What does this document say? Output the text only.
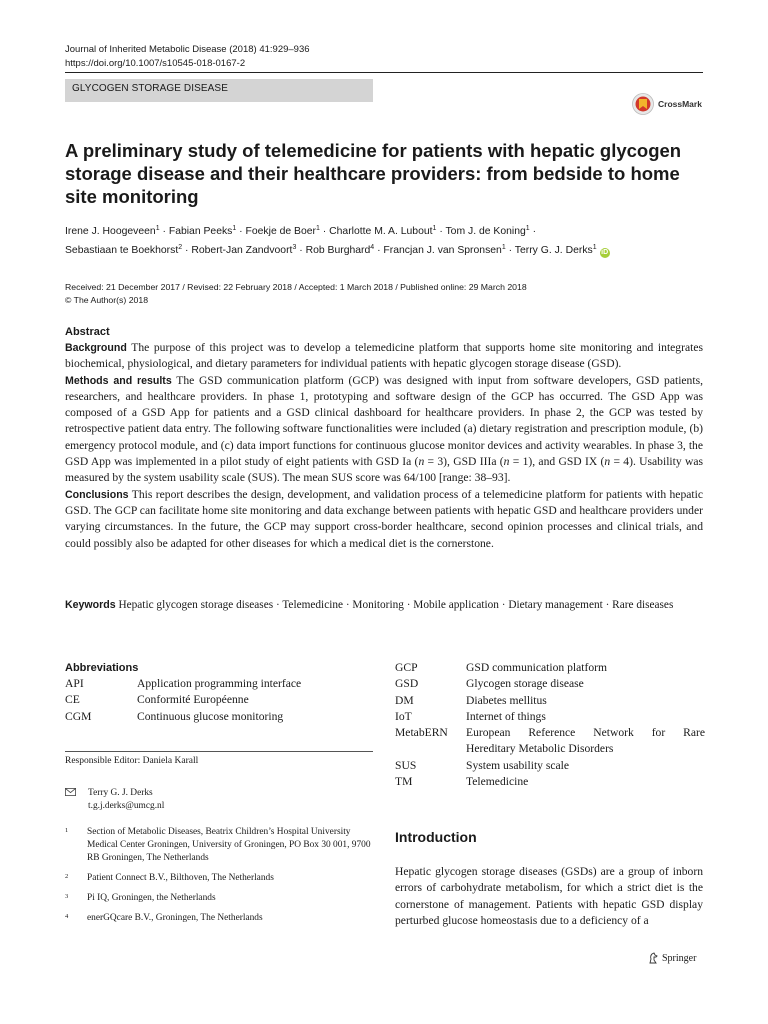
Journal of Inherited Metabolic Disease (2018) 41:929–936
https://doi.org/10.1007/s10545-018-0167-2
GLYCOGEN STORAGE DISEASE
CrossMark
A preliminary study of telemedicine for patients with hepatic glycogen storage disease and their healthcare providers: from bedside to home site monitoring
Irene J. Hoogeveen$^1$ · Fabian Peeks$^1$ · Foekje de Boer$^1$ · Charlotte M. A. Lubout$^1$ · Tom J. de Koning$^1$ ·
Sebastiaan te Boekhorst$^2$ · Robert-Jan Zandvoort$^3$ · Rob Burghard$^4$ · Francjan J. van Spronsen$^1$ · Terry G. J. Derks$^1$iD
Received: 21 December 2017 / Revised: 22 February 2018 / Accepted: 1 March 2018 / Published online: 29 March 2018
© The Author(s) 2018
Abstract

Background The purpose of this project was to develop a telemedicine platform that supports home site monitoring and integrates biochemical, physiological, and dietary parameters for individual patients with hepatic glycogen storage disease (GSD).

Methods and results The GSD communication platform (GCP) was designed with input from software developers, GSD patients, researchers, and healthcare providers. In phase 1, prototyping and software design of the GCP has occurred. The GSD App was composed of a GSD App for patients and a GSD clinical dashboard for healthcare providers. In phase 2, the GCP was tested by retrospective patient data entry. The following software functionalities were included (a) dietary registration and prescription module, (b) emergency protocol module, and (c) data import functions for continuous glucose monitor devices and activity wearables. In phase 3, the GSD App was implemented in a pilot study of eight patients with GSD Ia (n = 3), GSD IIIa (n = 1), and GSD IX (n = 4). Usability was measured by the system usability scale (SUS). The mean SUS score was 64/100 [range: 38–93].

Conclusions This report describes the design, development, and validation process of a telemedicine platform for patients with hepatic GSD. The GCP can facilitate home site monitoring and data exchange between patients with hepatic GSD and healthcare providers under varying circumstances. In the future, the GCP may support cross-border healthcare, second opinion processes and clinical trials, and could possibly also be adapted for other diseases for which a medical diet is the cornerstone.

Keywords Hepatic glycogen storage diseases · Telemedicine · Monitoring · Mobile application · Dietary management · Rare diseases
Abbreviations
API	Application programming interface
CE	Conformité Européenne
CGM	Continuous glucose monitoring
GCP	GSD communication platform
GSD	Glycogen storage disease
DM	Diabetes mellitus
IoT	Internet of things
MetabERN	European Reference Network for Rare
Hereditary Metabolic Disorders
SUS	System usability scale
TM	Telemedicine
Responsible Editor: Daniela Karall
Terry G. J. Derks
t.g.j.derks@umcg.nl
1 Section of Metabolic Diseases, Beatrix Children’s Hospital University Medical Center Groningen, University of Groningen, PO Box 30 001, 9700 RB Groningen, The Netherlands
2 Patient Connect B.V., Bilthoven, The Netherlands
3 Pi IQ, Groningen, the Netherlands
4 enerGQcare B.V., Groningen, The Netherlands
Introduction

Hepatic glycogen storage diseases (GSDs) are a group of inborn errors of carbohydrate metabolism, for which a strict diet is the cornerstone of management. Patients with hepatic GSD display perturbed glucose homeostasis due to a deficiency of a

Springer
